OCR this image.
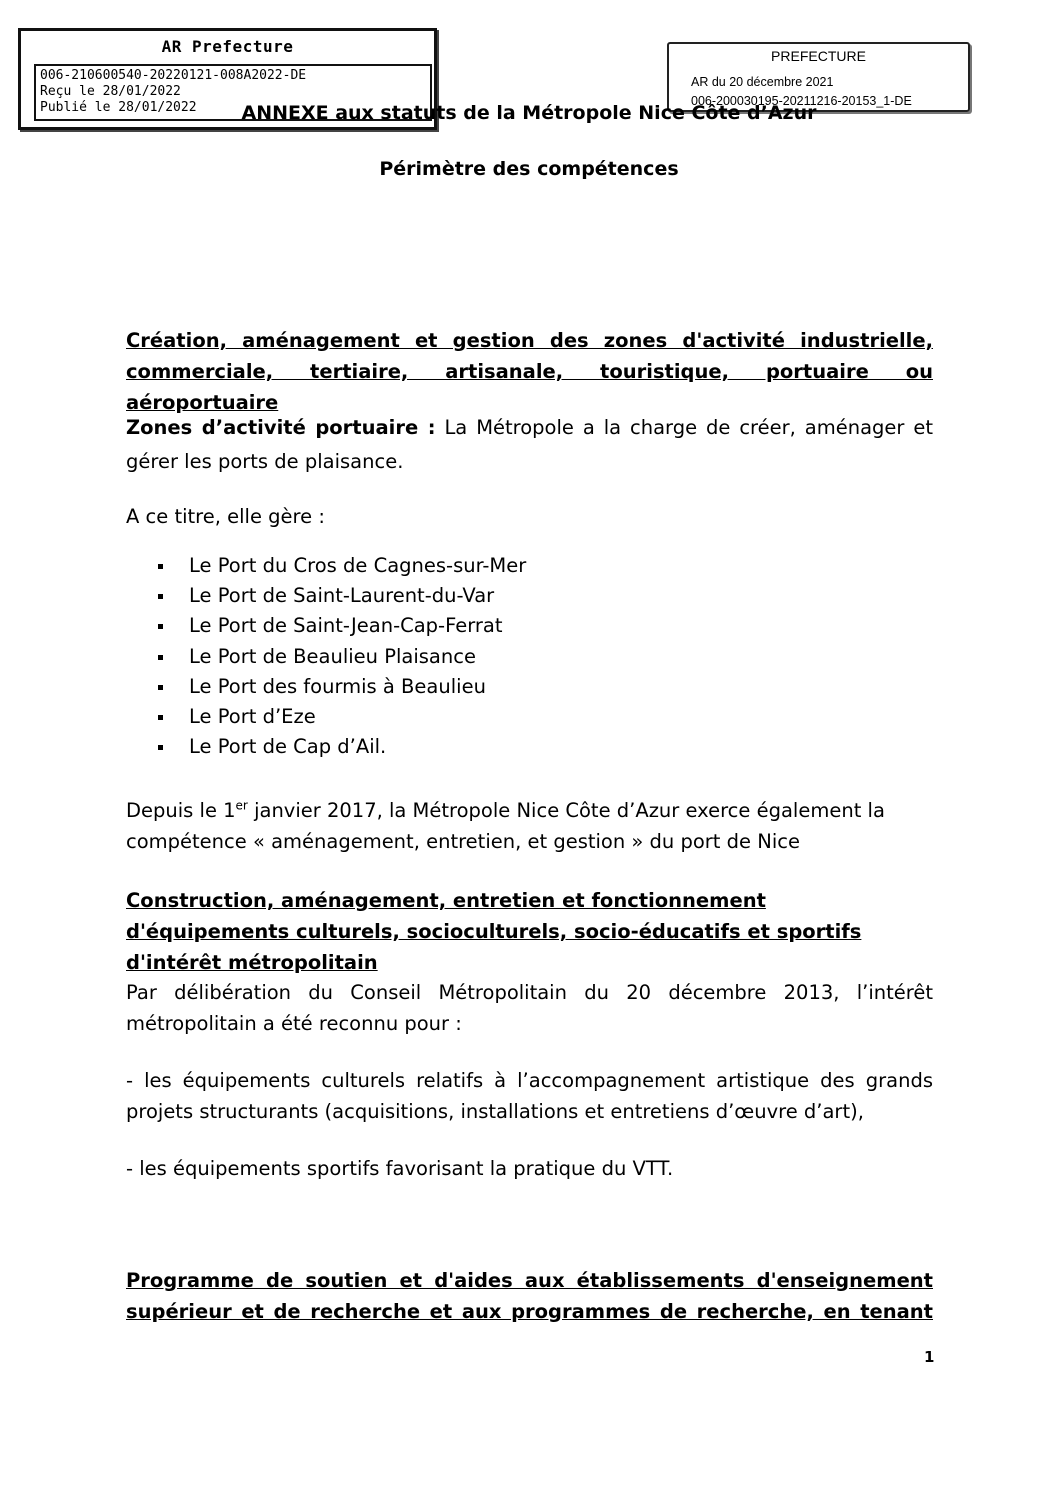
AR Prefecture
006-210600540-20220121-008A2022-DE
Reçu le 28/01/2022
Publié le 28/01/2022
PREFECTURE
AR du 20 décembre 2021
006-200030195-20211216-20153_1-DE
ANNEXE aux statuts de la Métropole Nice Côte d’Azur
Périmètre des compétences
Création, aménagement et gestion des zones d'activité industrielle, commerciale, tertiaire, artisanale, touristique, portuaire ou aéroportuaire
Zones d’activité portuaire : La Métropole a la charge de créer, aménager et gérer les ports de plaisance.
A ce titre, elle gère :
Le Port du Cros de Cagnes-sur-Mer
Le Port de Saint-Laurent-du-Var
Le Port de Saint-Jean-Cap-Ferrat
Le Port de Beaulieu Plaisance
Le Port des fourmis à Beaulieu
Le Port d’Eze
Le Port de Cap d’Ail.
Depuis le 1er janvier 2017, la Métropole Nice Côte d’Azur exerce également la compétence « aménagement, entretien, et gestion » du port de Nice
Construction, aménagement, entretien et fonctionnement d'équipements culturels, socioculturels, socio-éducatifs et sportifs d'intérêt métropolitain
Par délibération du Conseil Métropolitain du 20 décembre 2013, l’intérêt métropolitain a été reconnu pour :
- les équipements culturels relatifs à l’accompagnement artistique des grands projets structurants (acquisitions, installations et entretiens d’œuvre d’art),
- les équipements sportifs favorisant la pratique du VTT.
Programme de soutien et d'aides aux établissements d'enseignement supérieur et de recherche et aux programmes de recherche, en tenant
1
